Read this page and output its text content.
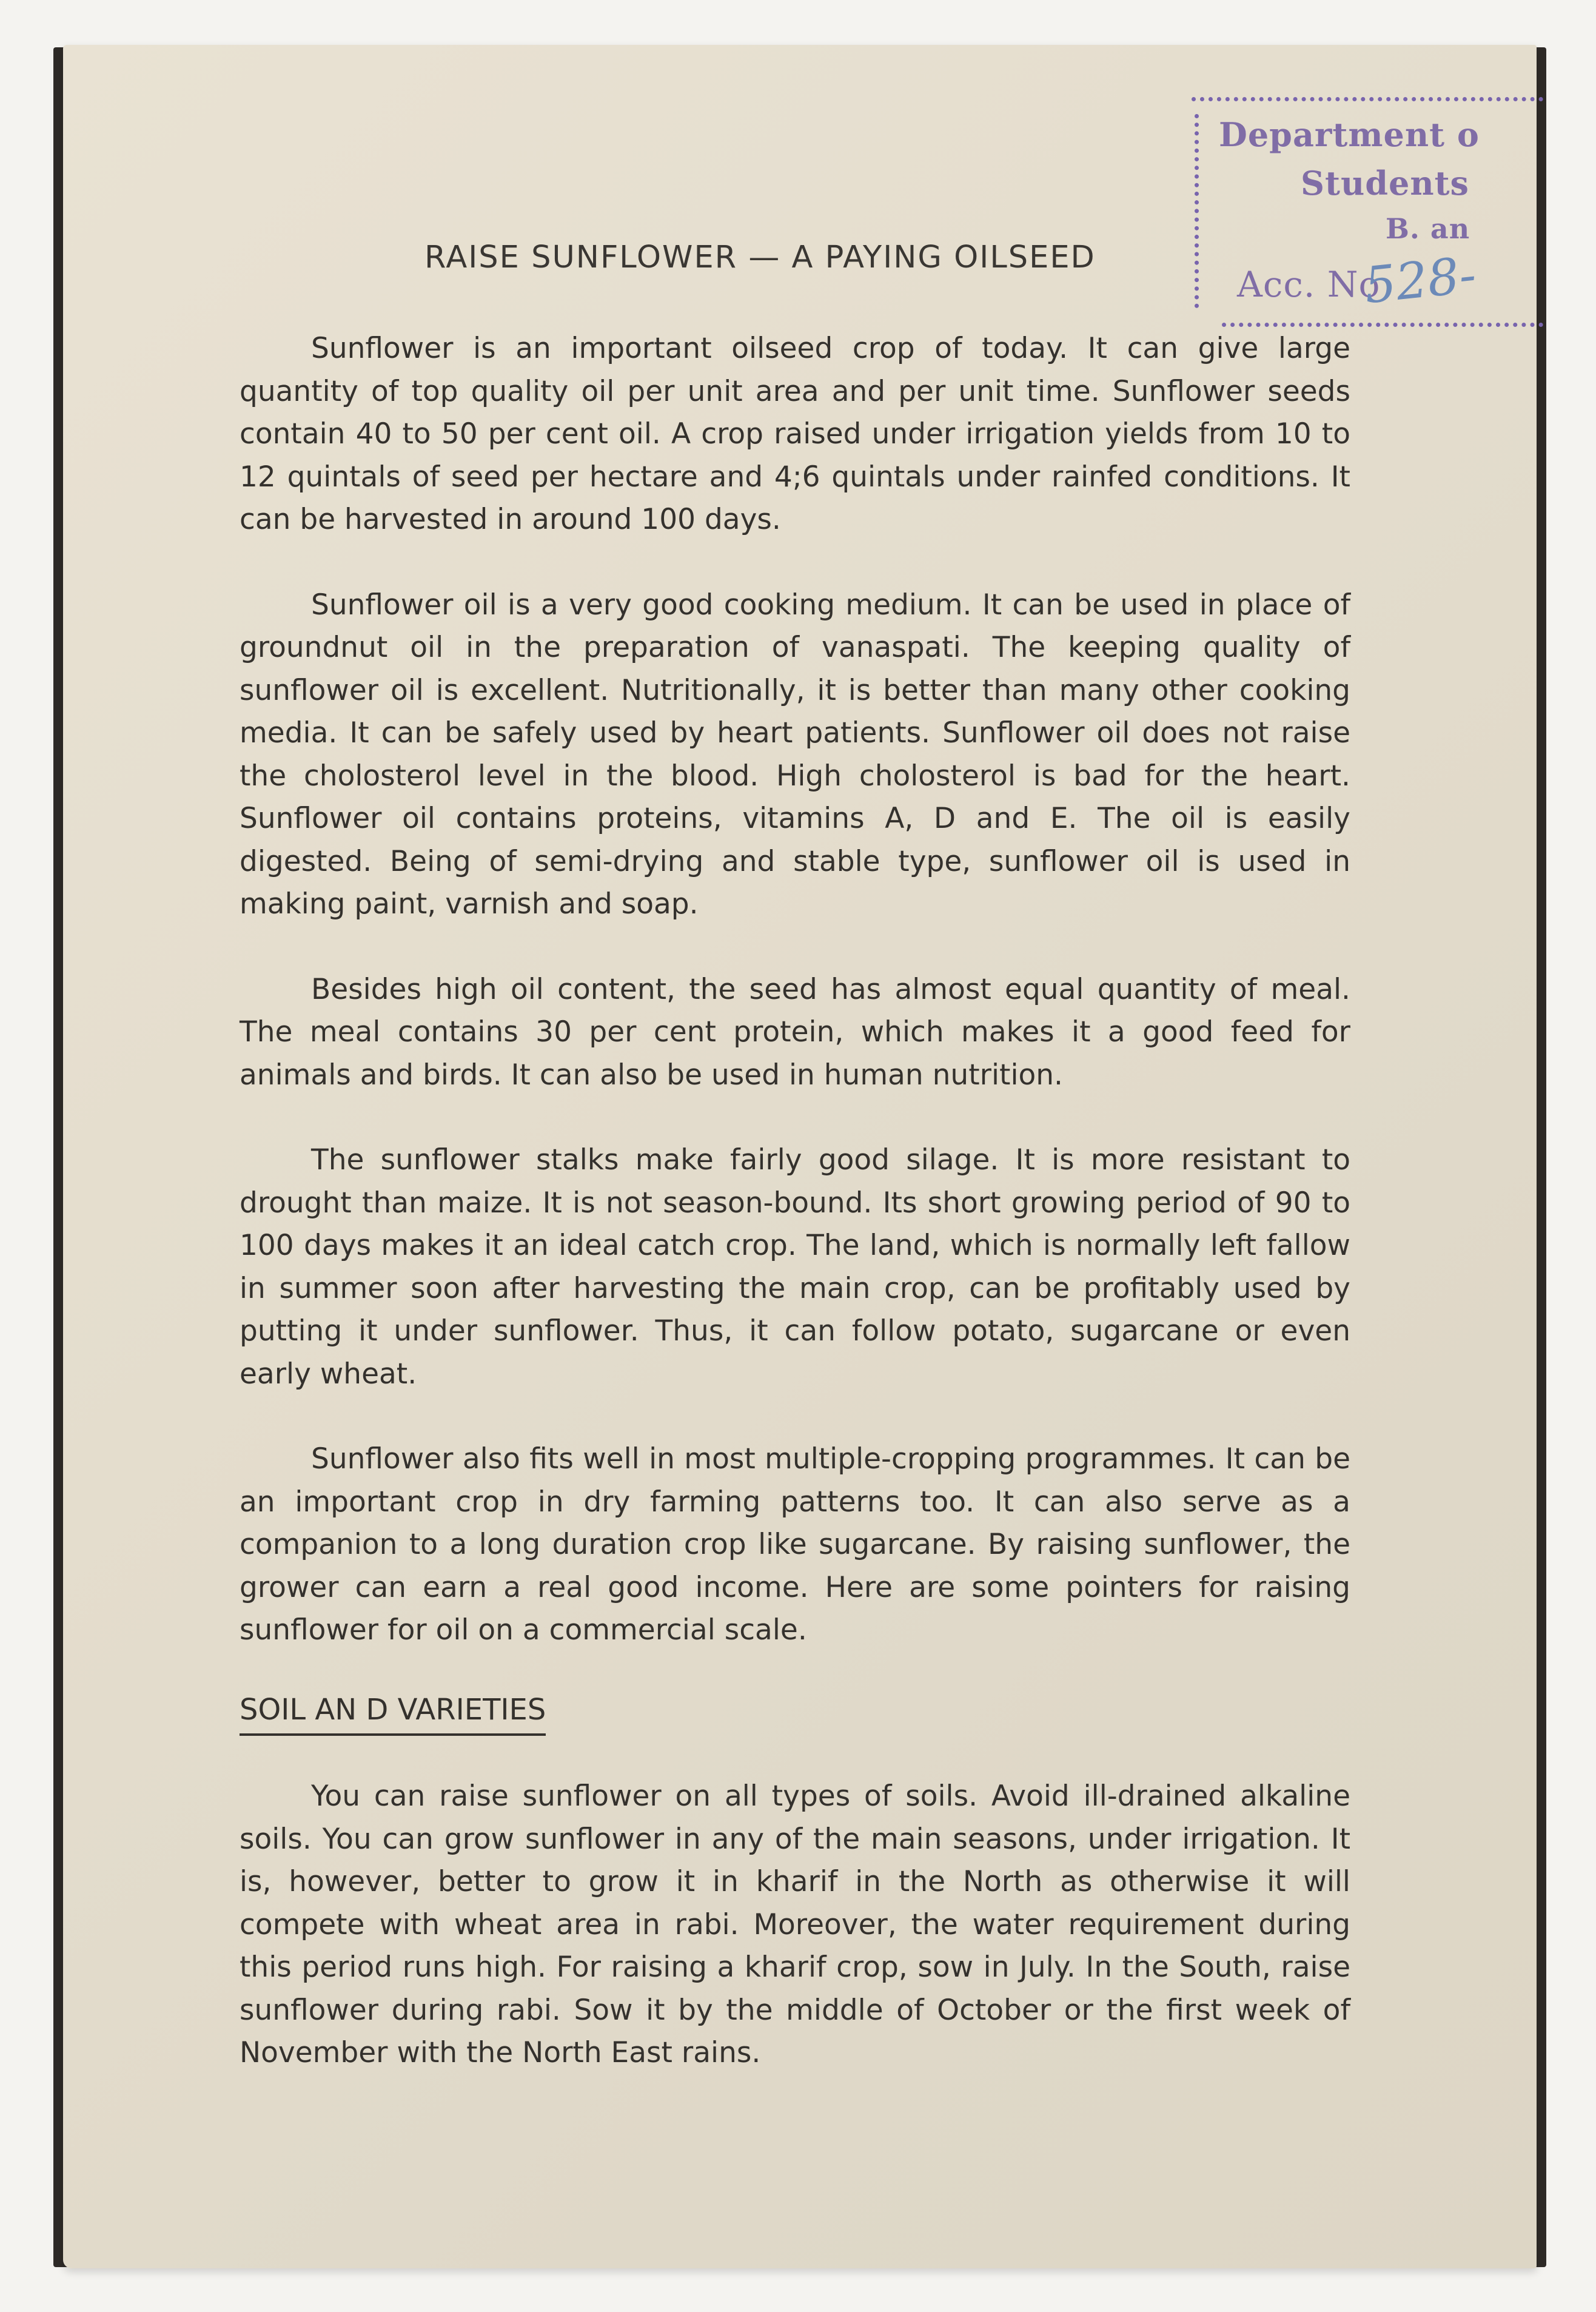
Department o
Students
B. an
Acc. No
528-
RAISE SUNFLOWER — A PAYING OILSEED

Sunflower is an important oilseed crop of today. It can give large quantity of top quality oil per unit area and per unit time. Sunflower seeds contain 40 to 50 per cent oil. A crop raised under irrigation yields from 10 to 12 quintals of seed per hectare and 4;6 quintals under rainfed conditions. It can be harvested in around 100 days.

Sunflower oil is a very good cooking medium. It can be used in place of groundnut oil in the preparation of vanaspati. The keeping quality of sunflower oil is excellent. Nutritionally, it is better than many other cooking media. It can be safely used by heart patients. Sunflower oil does not raise the cholosterol level in the blood. High cholosterol is bad for the heart. Sunflower oil contains proteins, vitamins A, D and E. The oil is easily digested. Being of semi-drying and stable type, sunflower oil is used in making paint, varnish and soap.

Besides high oil content, the seed has almost equal quantity of meal. The meal contains 30 per cent protein, which makes it a good feed for animals and birds. It can also be used in human nutrition.

The sunflower stalks make fairly good silage. It is more resistant to drought than maize. It is not season-bound. Its short growing period of 90 to 100 days makes it an ideal catch crop. The land, which is normally left fallow in summer soon after harvesting the main crop, can be profitably used by putting it under sunflower. Thus, it can follow potato, sugarcane or even early wheat.

Sunflower also fits well in most multiple-cropping programmes. It can be an important crop in dry farming patterns too. It can also serve as a companion to a long duration crop like sugarcane. By raising sunflower, the grower can earn a real good income. Here are some pointers for raising sunflower for oil on a commercial scale.

SOIL AN D VARIETIES

You can raise sunflower on all types of soils. Avoid ill-drained alkaline soils. You can grow sunflower in any of the main seasons, under irrigation. It is, however, better to grow it in kharif in the North as otherwise it will compete with wheat area in rabi. Moreover, the water requirement during this period runs high. For raising a kharif crop, sow in July. In the South, raise sunflower during rabi. Sow it by the middle of October or the first week of November with the North East rains.
